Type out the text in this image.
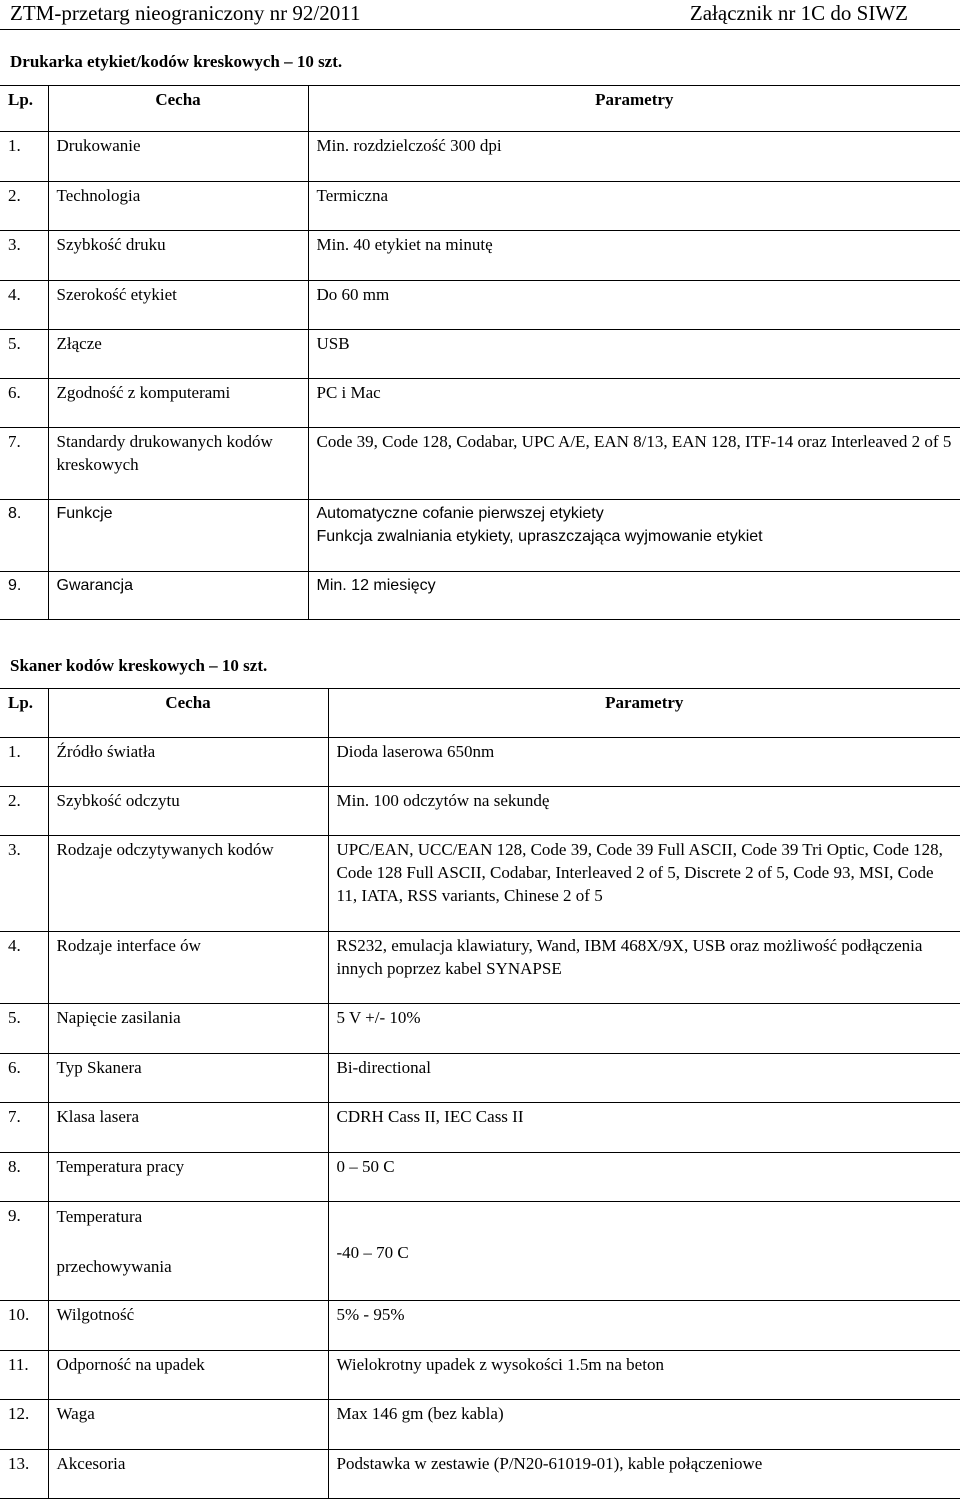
ZTM-przetarg nieograniczony nr 92/2011	Załącznik nr 1C do SIWZ
Drukarka etykiet/kodów kreskowych – 10 szt.
Lp.	Cecha	Parametry
1.	Drukowanie	Min. rozdzielczość 300 dpi
2.	Technologia	Termiczna
3.	Szybkość druku	Min. 40 etykiet na minutę
4.	Szerokość etykiet	Do 60 mm
5.	Złącze	USB
6.	Zgodność z komputerami	PC i Mac
7.	Standardy drukowanych kodów kreskowych	Code 39, Code 128, Codabar, UPC A/E, EAN 8/13, EAN 128, ITF-14 oraz Interleaved 2 of 5
8.	Funkcje	Automatyczne cofanie pierwszej etykiety
Funkcja zwalniania etykiety, upraszczająca wyjmowanie etykiet

9.	Gwarancja	Min. 12 miesięcy
Skaner kodów kreskowych – 10 szt.
Lp.	Cecha	Parametry
1.	Źródło światła	Dioda laserowa 650nm
2.	Szybkość odczytu	Min. 100 odczytów na sekundę
3.	Rodzaje odczytywanych kodów	UPC/EAN, UCC/EAN 128, Code 39, Code 39 Full ASCII, Code 39 Tri Optic, Code 128, Code 128 Full ASCII, Codabar, Interleaved 2 of 5, Discrete 2 of 5, Code 93, MSI, Code 11, IATA, RSS variants, Chinese 2 of 5
4.	Rodzaje interface ów	RS232, emulacja klawiatury, Wand, IBM 468X/9X, USB oraz możliwość podłączenia innych poprzez kabel SYNAPSE
5.	Napięcie zasilania	5 V +/- 10%
6.	Typ Skanera	Bi-directional
7.	Klasa lasera	CDRH Cass II, IEC Cass II
8.	Temperatura pracy	0 – 50 C
9.	Temperatura
przechowywania	-40 – 70 C
10.	Wilgotność	5% - 95%
11.	Odporność na upadek	Wielokrotny upadek z wysokości 1.5m na beton
12.	Waga	Max 146 gm (bez kabla)
13.	Akcesoria	Podstawka w zestawie (P/N20-61019-01), kable połączeniowe
